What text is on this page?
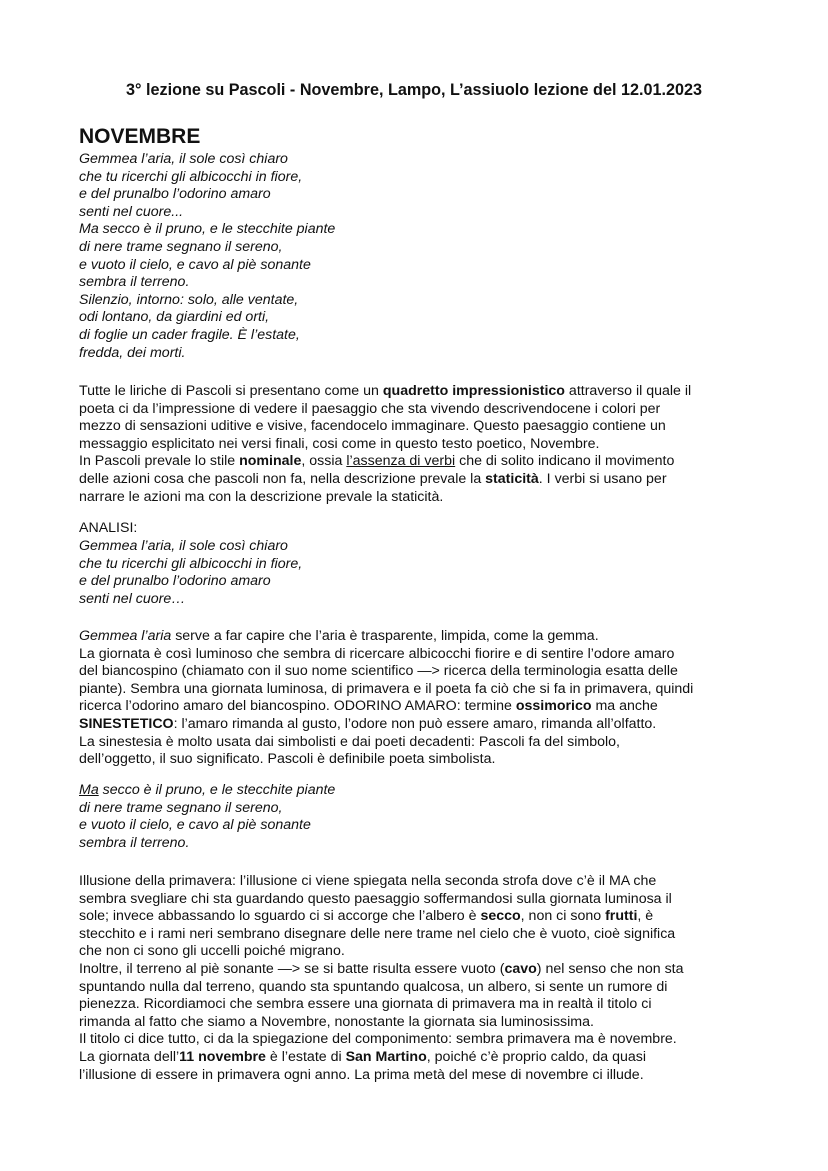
3° lezione su Pascoli - Novembre, Lampo, L’assiuolo lezione del 12.01.2023
NOVEMBRE
Gemmea l’aria, il sole così chiaro
che tu ricerchi gli albicocchi in fiore,
e del prunalbo l’odorino amaro
senti nel cuore...
Ma secco è il pruno, e le stecchite piante
di nere trame segnano il sereno,
e vuoto il cielo, e cavo al piè sonante
sembra il terreno.
Silenzio, intorno: solo, alle ventate,
odi lontano, da giardini ed orti,
di foglie un cader fragile. È l’estate,
fredda, dei morti.
Tutte le liriche di Pascoli si presentano come un quadretto impressionistico attraverso il quale il
poeta ci da l’impressione di vedere il paesaggio che sta vivendo descrivendocene i colori per
mezzo di sensazioni uditive e visive, facendocelo immaginare. Questo paesaggio contiene un
messaggio esplicitato nei versi finali, cosi come in questo testo poetico, Novembre.
In Pascoli prevale lo stile nominale, ossia l’assenza di verbi che di solito indicano il movimento
delle azioni cosa che pascoli non fa, nella descrizione prevale la staticità. I verbi si usano per
narrare le azioni ma con la descrizione prevale la staticità.
ANALISI:
Gemmea l’aria, il sole così chiaro
che tu ricerchi gli albicocchi in fiore,
e del prunalbo l’odorino amaro
senti nel cuore…
Gemmea l’aria serve a far capire che l’aria è trasparente, limpida, come la gemma.
La giornata è così luminoso che sembra di ricercare albicocchi fiorire e di sentire l’odore amaro
del biancospino (chiamato con il suo nome scientifico —> ricerca della terminologia esatta delle
piante). Sembra una giornata luminosa, di primavera e il poeta fa ciò che si fa in primavera, quindi
ricerca l’odorino amaro del biancospino. ODORINO AMARO: termine ossimorico ma anche
SINESTETICO: l’amaro rimanda al gusto, l’odore non può essere amaro, rimanda all’olfatto.
La sinestesia è molto usata dai simbolisti e dai poeti decadenti: Pascoli fa del simbolo,
dell’oggetto, il suo significato. Pascoli è definibile poeta simbolista.
Ma secco è il pruno, e le stecchite piante
di nere trame segnano il sereno,
e vuoto il cielo, e cavo al piè sonante
sembra il terreno.
Illusione della primavera: l’illusione ci viene spiegata nella seconda strofa dove c’è il MA che
sembra svegliare chi sta guardando questo paesaggio soffermandosi sulla giornata luminosa il
sole; invece abbassando lo sguardo ci si accorge che l’albero è secco, non ci sono frutti, è
stecchito e i rami neri sembrano disegnare delle nere trame nel cielo che è vuoto, cioè significa
che non ci sono gli uccelli poiché migrano.
Inoltre, il terreno al piè sonante —> se si batte risulta essere vuoto (cavo) nel senso che non sta
spuntando nulla dal terreno, quando sta spuntando qualcosa, un albero, si sente un rumore di
pienezza. Ricordiamoci che sembra essere una giornata di primavera ma in realtà il titolo ci
rimanda al fatto che siamo a Novembre, nonostante la giornata sia luminosissima.
Il titolo ci dice tutto, ci da la spiegazione del componimento: sembra primavera ma è novembre.
La giornata dell’11 novembre è l’estate di San Martino, poiché c’è proprio caldo, da quasi
l’illusione di essere in primavera ogni anno. La prima metà del mese di novembre ci illude.
